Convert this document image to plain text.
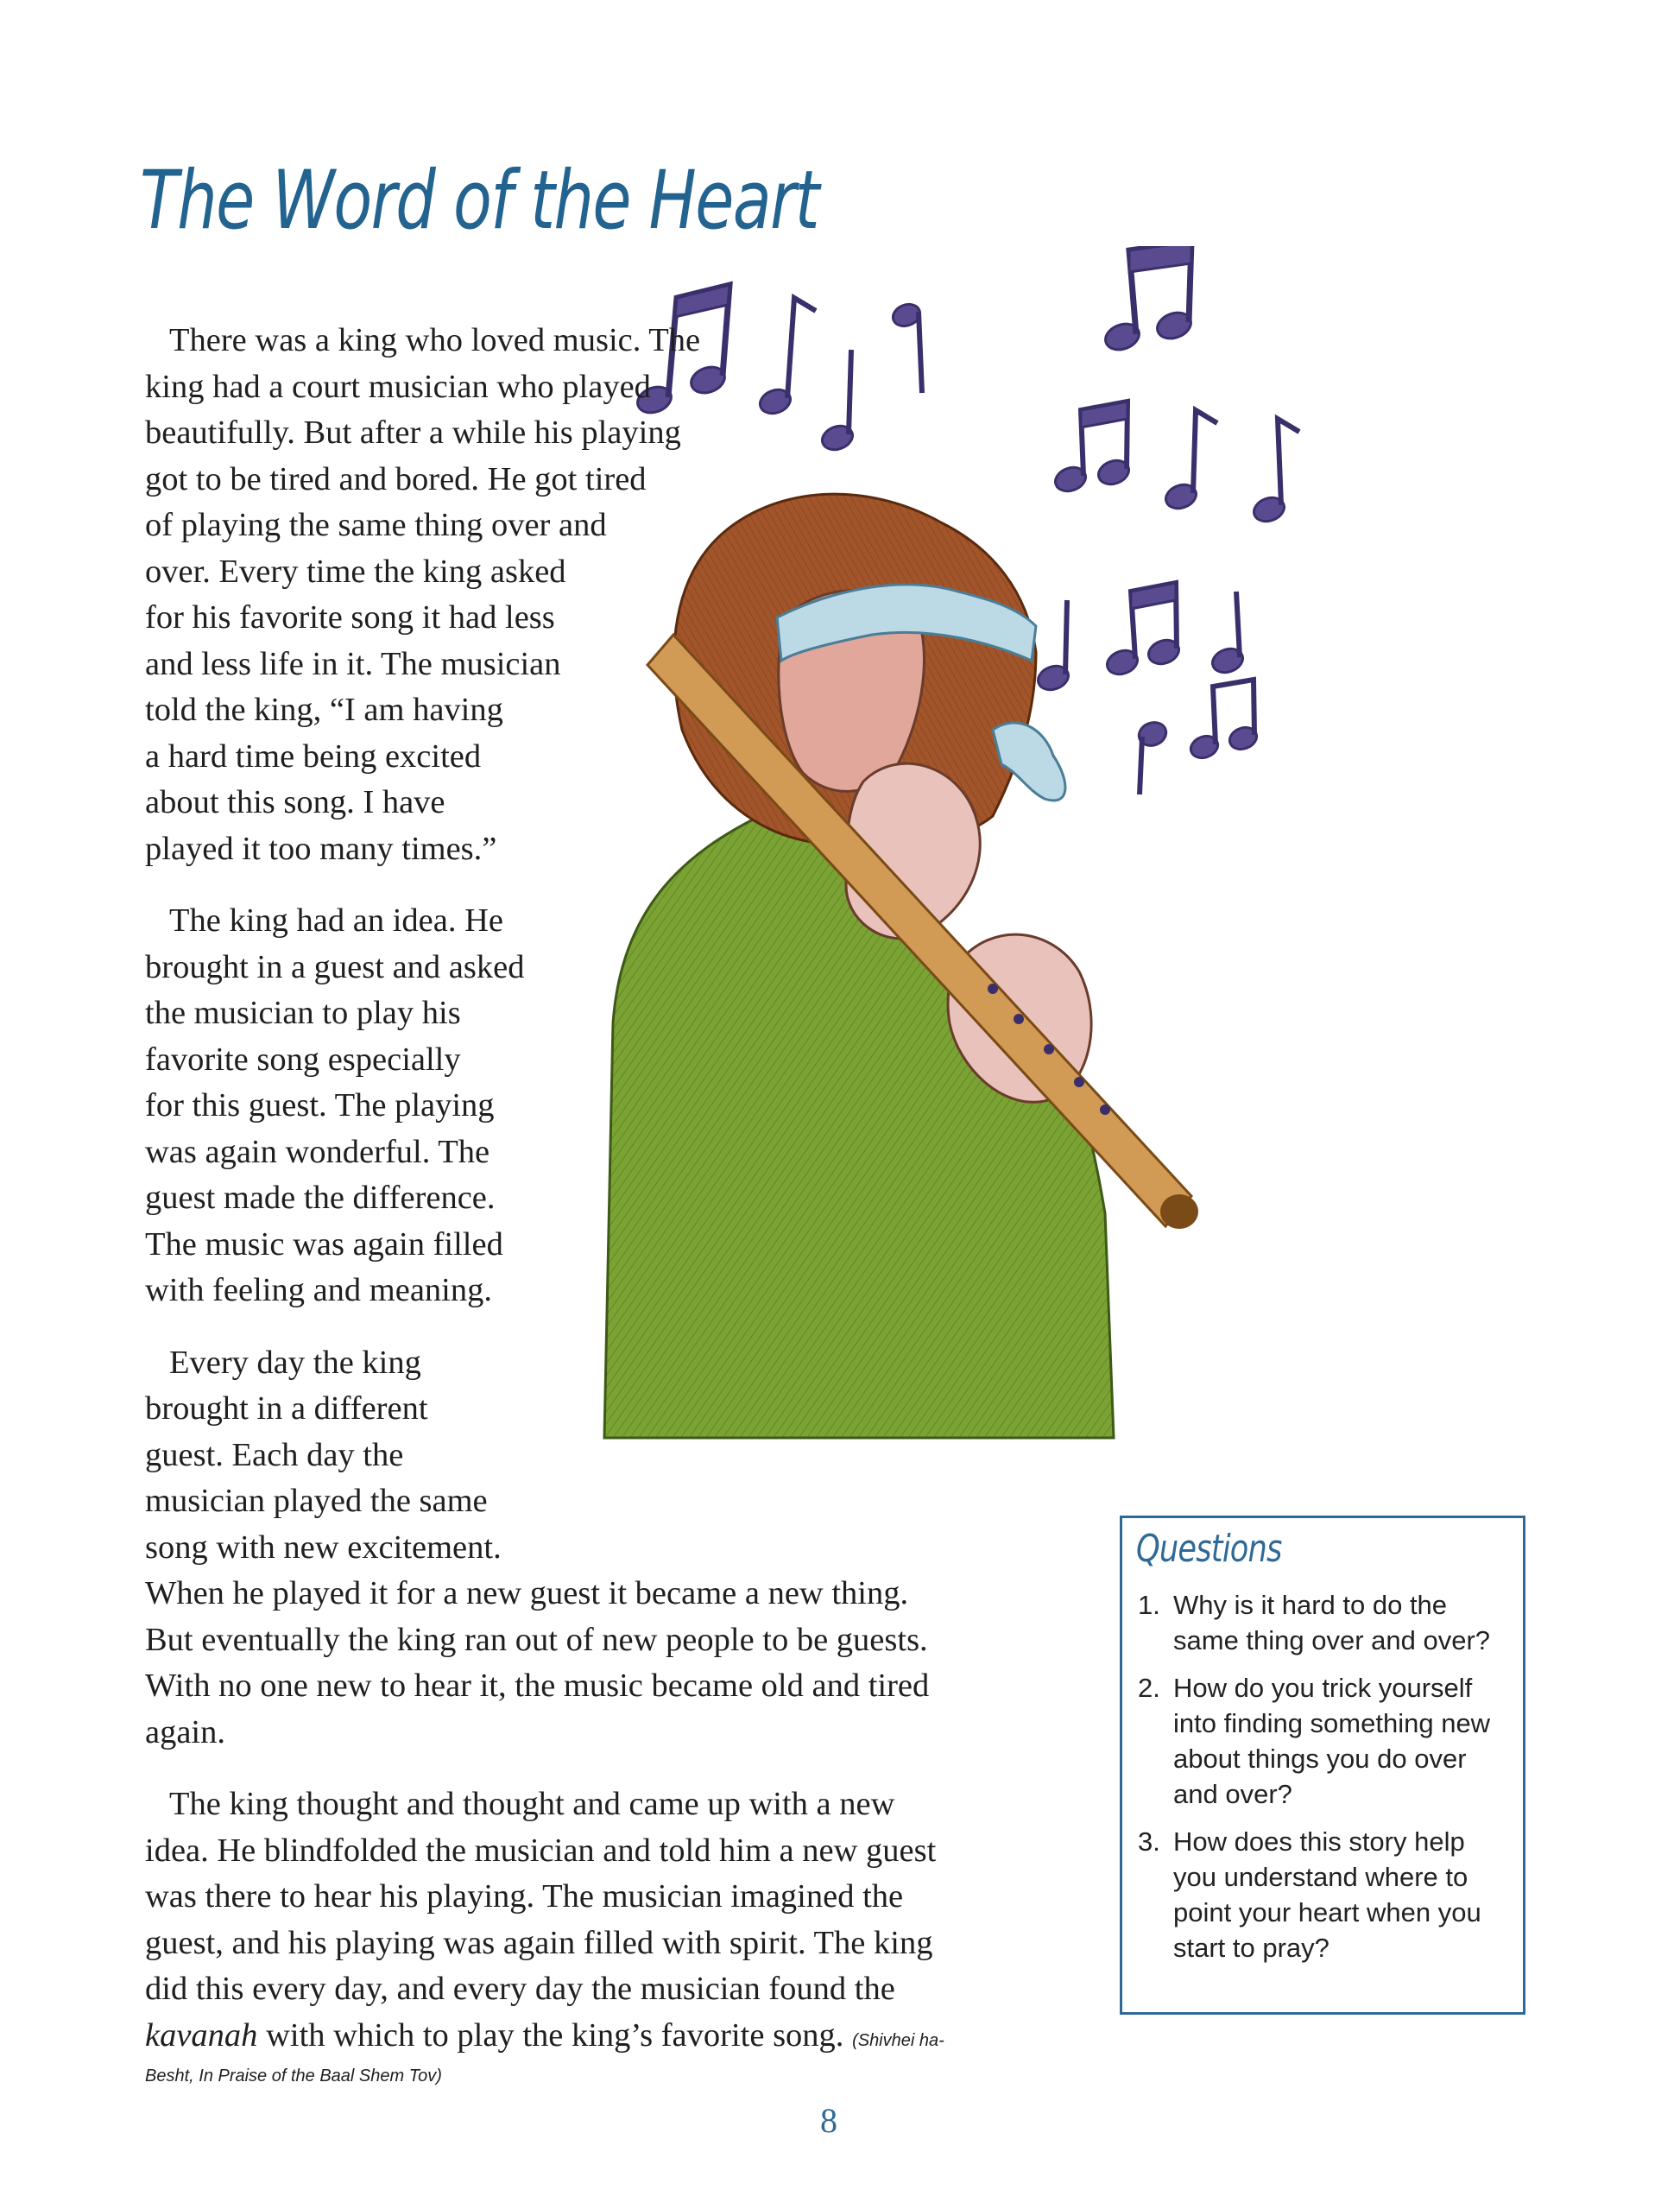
The Word of the Heart
There was a king who loved music. The
king had a court musician who played
beautifully. But after a while his playing
got to be tired and bored. He got tired
of playing the same thing over and
over. Every time the king asked
for his favorite song it had less
and less life in it. The musician
told the king, “I am having
a hard time being excited
about this song. I have
played it too many times.”
The king had an idea. He
brought in a guest and asked
the musician to play his
favorite song especially
for this guest. The playing
was again wonderful. The
guest made the difference.
The music was again filled
with feeling and meaning.
Every day the king
brought in a different
guest. Each day the
musician played the same
song with new excitement.
When he played it for a new guest it became a new thing.
But eventually the king ran out of new people to be guests.
With no one new to hear it, the music became old and tired
again.
The king thought and thought and came up with a new
idea. He blindfolded the musician and told him a new guest
was there to hear his playing. The musician imagined the
guest, and his playing was again filled with spirit. The king
did this every day, and every day the musician found the
kavanah with which to play the king’s favorite song. (Shivhei ha-
Besht, In Praise of the Baal Shem Tov)
Questions
1. Why is it hard to do the same thing over and over?
2. How do you trick yourself into finding something new about things you do over and over?
3. How does this story help you understand where to point your heart when you start to pray?
8
